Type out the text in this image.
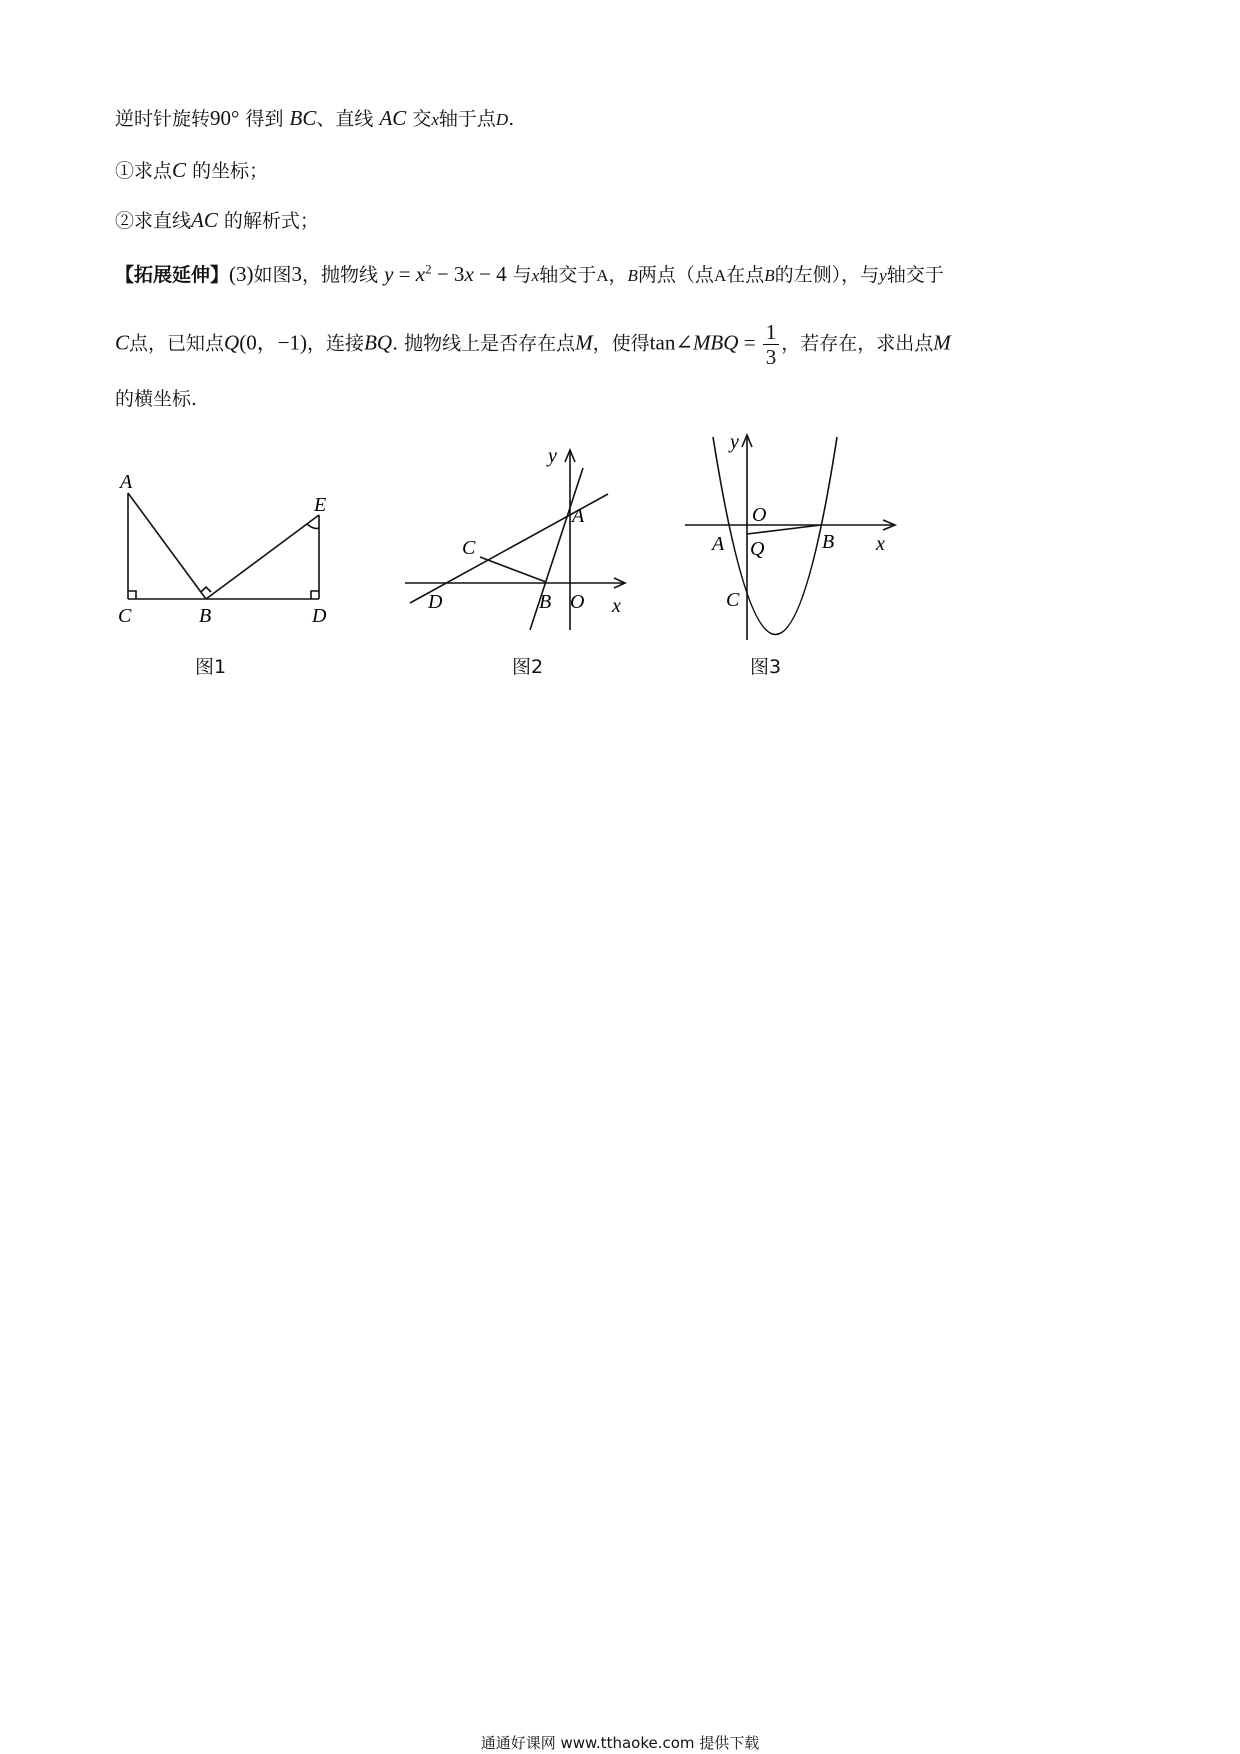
逆时针旋转90° 得到 BC、直线 AC 交x轴于点D.
①求点C 的坐标；
②求直线AC 的解析式；
【拓展延伸】(3)如图3，抛物线 $y = x^2 - 3x - 4$ 与x轴交于A，B两点（点A在点B的左侧），与y轴交于
C点，已知点Q(0，−1)，连接BQ. 抛物线上是否存在点M，使得tan∠MBQ = $\frac{1}{3}$ ，若存在，求出点M
的横坐标.
A
C	B	D
E
图1
y
A
C
D	B O x
图2
y
O
A Q	B x
C
图3
通通好课网 www.tthaoke.com 提供下载
